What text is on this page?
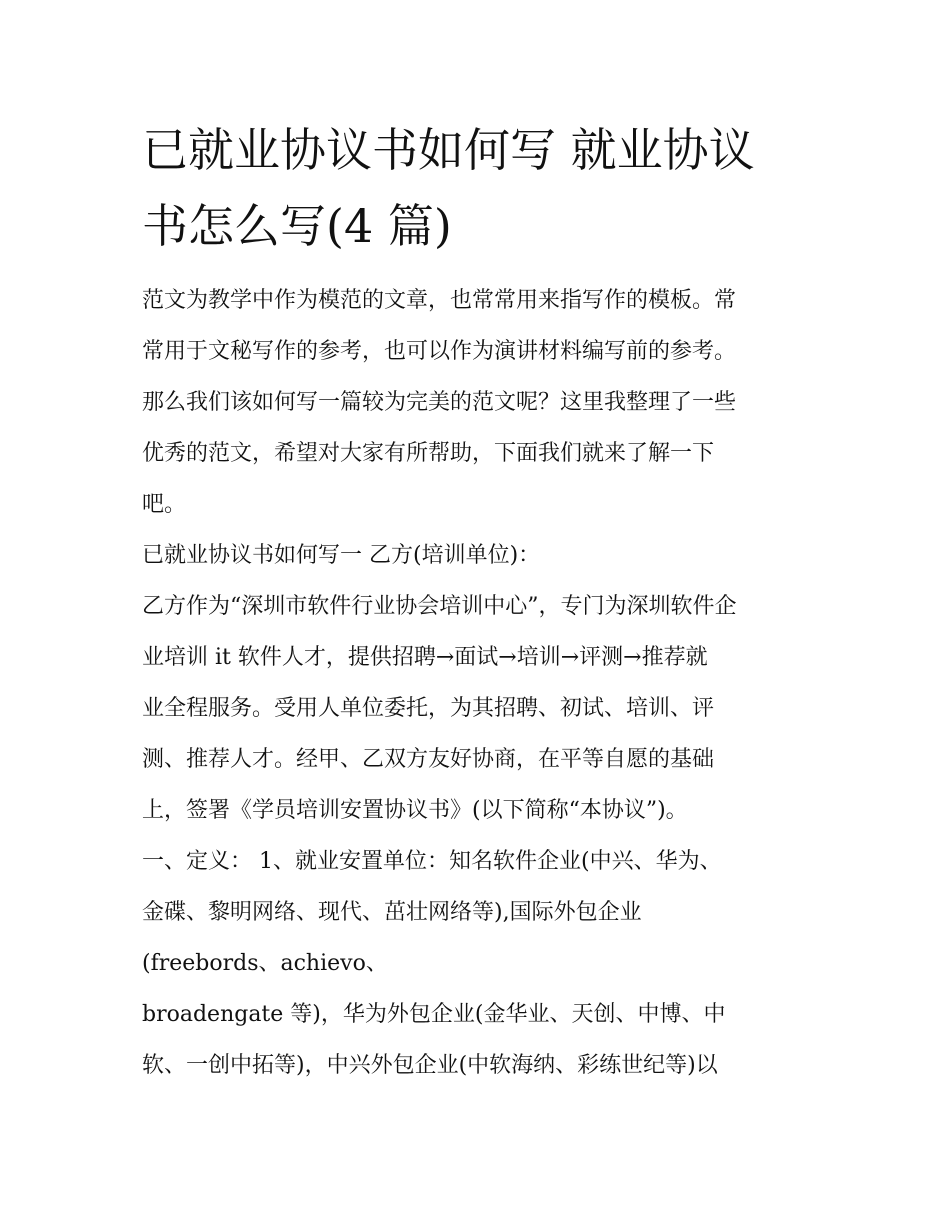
已就业协议书如何写 就业协议
书怎么写(4 篇)
范文为教学中作为模范的文章，也常常用来指写作的模板。常
常用于文秘写作的参考，也可以作为演讲材料编写前的参考。
那么我们该如何写一篇较为完美的范文呢？这里我整理了一些
优秀的范文，希望对大家有所帮助，下面我们就来了解一下
吧。
已就业协议书如何写一 乙方(培训单位)：
乙方作为“深圳市软件行业协会培训中心”，专门为深圳软件企
业培训 it 软件人才，提供招聘→面试→培训→评测→推荐就
业全程服务。受用人单位委托，为其招聘、初试、培训、评
测、推荐人才。经甲、乙双方友好协商，在平等自愿的基础
上，签署《学员培训安置协议书》(以下简称“本协议”)。
一、定义： 1、就业安置单位：知名软件企业(中兴、华为、
金碟、黎明网络、现代、茁壮网络等),国际外包企业
(freebords、achievo、
broadengate 等)，华为外包企业(金华业、天创、中博、中
软、一创中拓等)，中兴外包企业(中软海纳、彩练世纪等)以
